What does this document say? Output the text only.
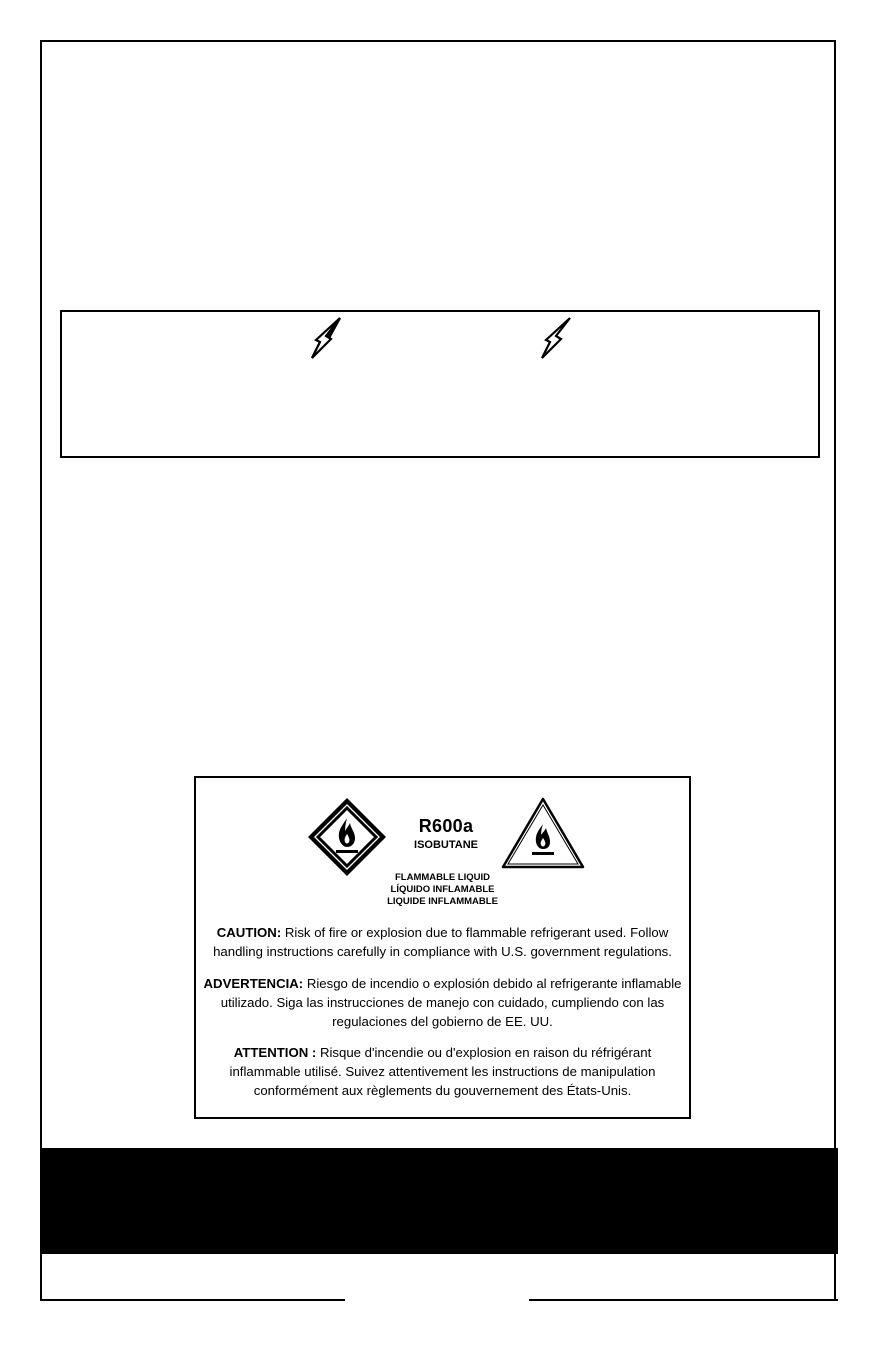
R600a
ISOBUTANE
FLAMMABLE LIQUID
LÍQUIDO INFLAMABLE
LIQUIDE INFLAMMABLE
CAUTION: Risk of fire or explosion due to flammable refrigerant used. Follow handling instructions carefully in compliance with U.S. government regulations.
ADVERTENCIA: Riesgo de incendio o explosión debido al refrigerante inflamable utilizado. Siga las instrucciones de manejo con cuidado, cumpliendo con las regulaciones del gobierno de EE. UU.
ATTENTION : Risque d'incendie ou d'explosion en raison du réfrigérant inflammable utilisé. Suivez attentivement les instructions de manipulation conformément aux règlements du gouvernement des États-Unis.
